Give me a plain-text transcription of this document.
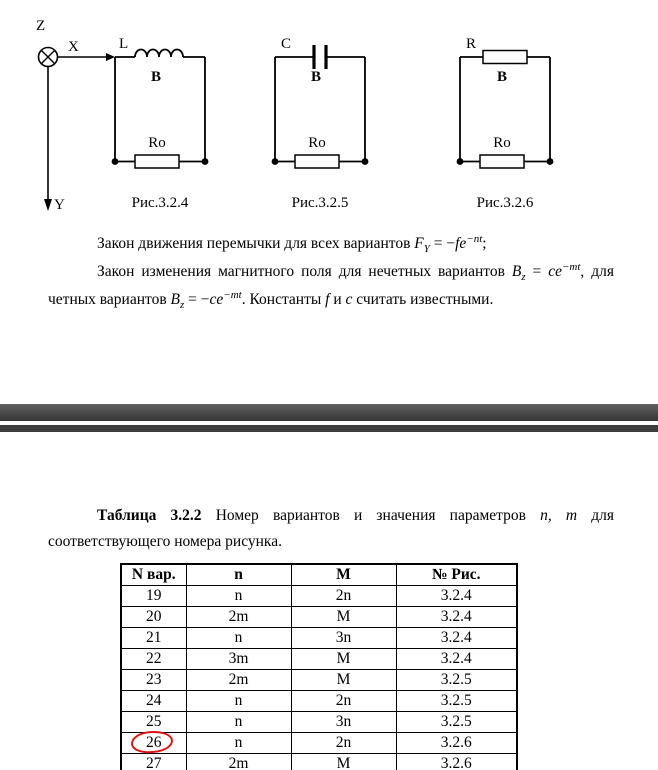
Z
X
Y
L
B
Ro
Рис.3.2.4
C
B
Ro
Рис.3.2.5
R
B
Ro
Рис.3.2.6

Закон движения перемычки для всех вариантов $F_Y = -fe^{-nt}$;

Закон изменения магнитного поля для нечетных вариантов $B_z = ce^{-mt}$, для четных вариантов $B_z = -ce^{-mt}$. Константы f и c считать известными.

Таблица 3.2.2 Номер вариантов и значения параметров n, m для соответствующего номера рисунка.
N вар.	n	M	№ Рис.
19	n	2n	3.2.4
20	2m	M	3.2.4
21	n	3n	3.2.4
22	3m	M	3.2.4
23	2m	M	3.2.5
24	n	2n	3.2.5
25	n	3n	3.2.5
26	n	2n	3.2.6
27	2m	M	3.2.6
